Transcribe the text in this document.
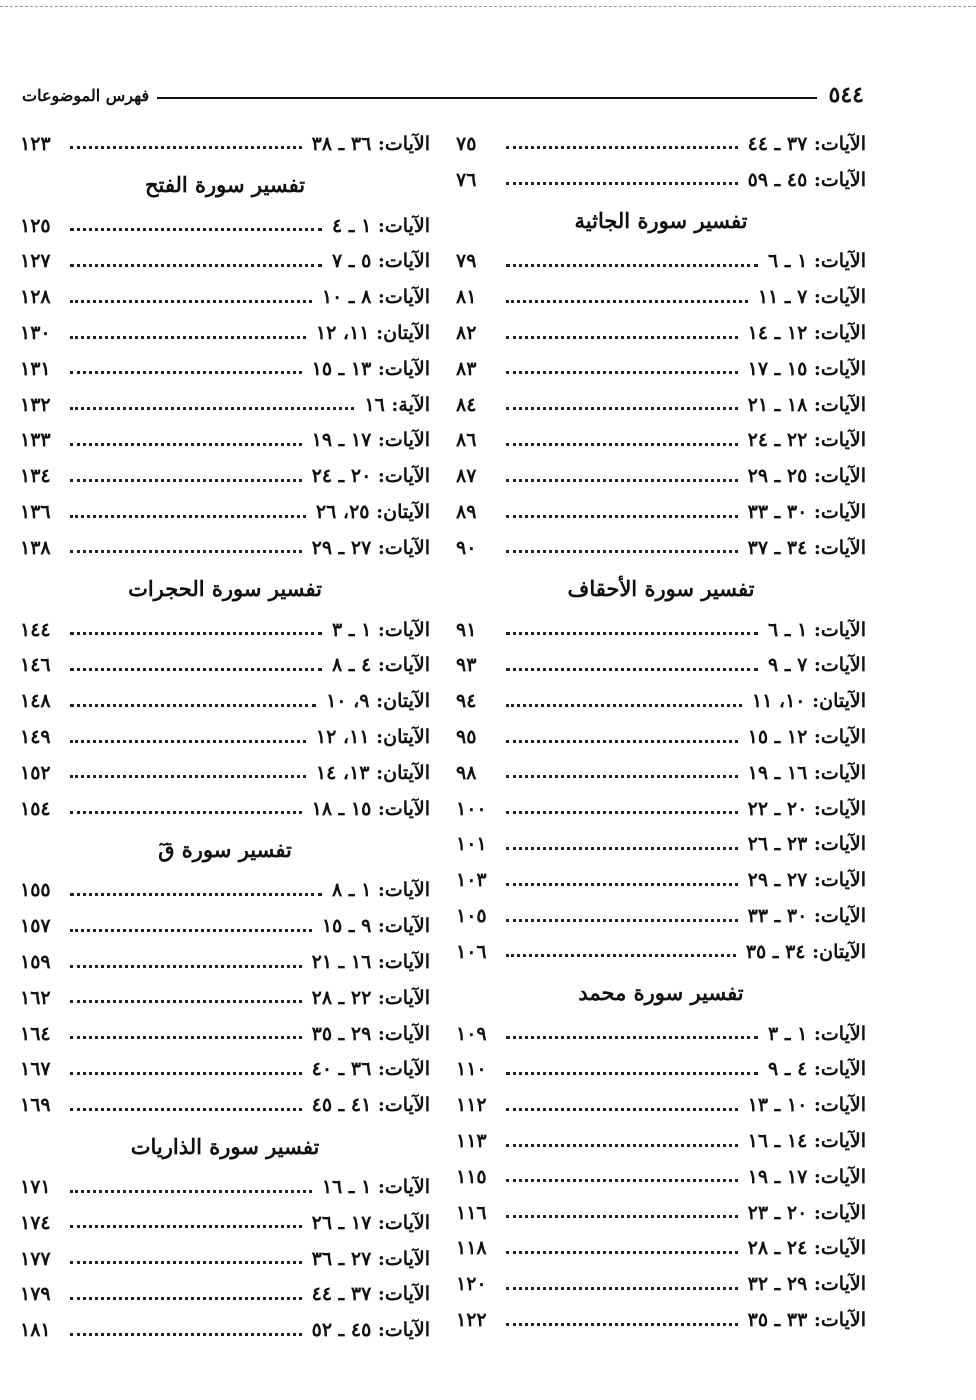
٥٤٤
فهرس الموضوعات
الآيات: ٣٧ ـ ٤٤
٧٥
الآيات: ٤٥ ـ ٥٩
٧٦
تفسير سورة الجاثية
الآيات: ١ ـ ٦
٧٩
الآيات: ٧ ـ ١١
٨١
الآيات: ١٢ ـ ١٤
٨٢
الآيات: ١٥ ـ ١٧
٨٣
الآيات: ١٨ ـ ٢١
٨٤
الآيات: ٢٢ ـ ٢٤
٨٦
الآيات: ٢٥ ـ ٢٩
٨٧
الآيات: ٣٠ ـ ٣٣
٨٩
الآيات: ٣٤ ـ ٣٧
٩٠
تفسير سورة الأحقاف
الآيات: ١ ـ ٦
٩١
الآيات: ٧ ـ ٩
٩٣
الآيتان: ١٠، ١١
٩٤
الآيات: ١٢ ـ ١٥
٩٥
الآيات: ١٦ ـ ١٩
٩٨
الآيات: ٢٠ ـ ٢٢
١٠٠
الآيات: ٢٣ ـ ٢٦
١٠١
الآيات: ٢٧ ـ ٢٩
١٠٣
الآيات: ٣٠ ـ ٣٣
١٠٥
الآيتان: ٣٤ ـ ٣٥
١٠٦
تفسير سورة محمد
الآيات: ١ ـ ٣
١٠٩
الآيات: ٤ ـ ٩
١١٠
الآيات: ١٠ ـ ١٣
١١٢
الآيات: ١٤ ـ ١٦
١١٣
الآيات: ١٧ ـ ١٩
١١٥
الآيات: ٢٠ ـ ٢٣
١١٦
الآيات: ٢٤ ـ ٢٨
١١٨
الآيات: ٢٩ ـ ٣٢
١٢٠
الآيات: ٣٣ ـ ٣٥
١٢٢
الآيات: ٣٦ ـ ٣٨
١٢٣
تفسير سورة الفتح
الآيات: ١ ـ ٤
١٢٥
الآيات: ٥ ـ ٧
١٢٧
الآيات: ٨ ـ ١٠
١٢٨
الآيتان: ١١، ١٢
١٣٠
الآيات: ١٣ ـ ١٥
١٣١
الآية: ١٦
١٣٢
الآيات: ١٧ ـ ١٩
١٣٣
الآيات: ٢٠ ـ ٢٤
١٣٤
الآيتان: ٢٥، ٢٦
١٣٦
الآيات: ٢٧ ـ ٢٩
١٣٨
تفسير سورة الحجرات
الآيات: ١ ـ ٣
١٤٤
الآيات: ٤ ـ ٨
١٤٦
الآيتان: ٩، ١٠
١٤٨
الآيتان: ١١، ١٢
١٤٩
الآيتان: ١٣، ١٤
١٥٢
الآيات: ١٥ ـ ١٨
١٥٤
تفسير سورة قٓ
الآيات: ١ ـ ٨
١٥٥
الآيات: ٩ ـ ١٥
١٥٧
الآيات: ١٦ ـ ٢١
١٥٩
الآيات: ٢٢ ـ ٢٨
١٦٢
الآيات: ٢٩ ـ ٣٥
١٦٤
الآيات: ٣٦ ـ ٤٠
١٦٧
الآيات: ٤١ ـ ٤٥
١٦٩
تفسير سورة الذاريات
الآيات: ١ ـ ١٦
١٧١
الآيات: ١٧ ـ ٢٦
١٧٤
الآيات: ٢٧ ـ ٣٦
١٧٧
الآيات: ٣٧ ـ ٤٤
١٧٩
الآيات: ٤٥ ـ ٥٢
١٨١
